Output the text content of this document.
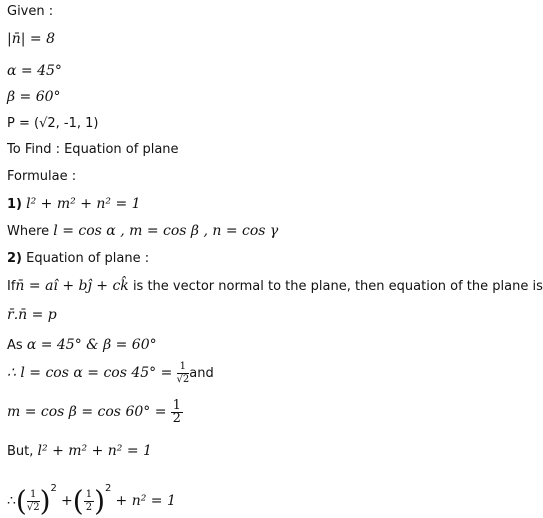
Given :
|n̄| = 8
α = 45°
β = 60°
P = (√2, -1, 1)
To Find : Equation of plane
Formulae :
1) l² + m² + n² = 1
Where l = cos α , m = cos β , n = cos γ
2) Equation of plane :
Ifn̄ = aî + bĵ + ck̂ is the vector normal to the plane, then equation of the plane is
r̄.n̄ = p
As α = 45° & β = 60°
∴ $l = \cos \alpha = \cos 45^\circ = \frac{1}{√2}$ and
$m = \cos \beta = \cos 60^\circ = \frac{1}{2}$
But, l² + m² + n² = 1
∴( $\frac{1}{√2} )^2$ +( $\frac{1}{2} )^2 + n^2 = 1$
